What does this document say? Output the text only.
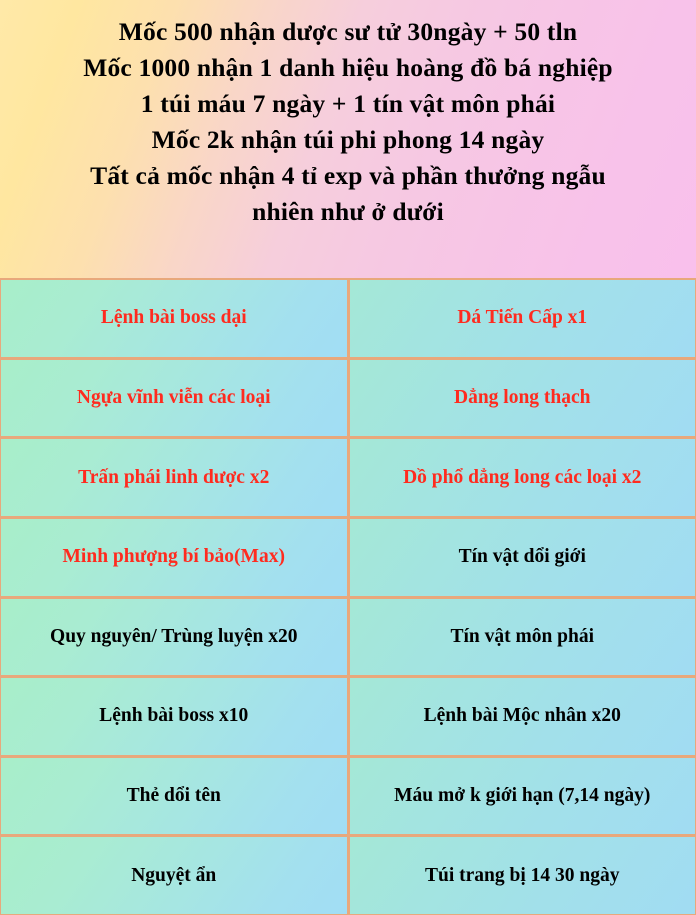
Mốc 500 nhận dược sư tử 30ngày + 50 tln
Mốc 1000 nhận 1 danh hiệu hoàng đồ bá nghiệp
1 túi máu 7 ngày + 1 tín vật môn phái
Mốc 2k nhận túi phi phong 14 ngày
Tất cả mốc nhận 4 tỉ exp và phần thưởng ngẫu
nhiên như ở dưới
Lệnh bài boss dại	Dá Tiến Cấp x1
Ngựa vĩnh viễn các loại	Dẳng long thạch
Trấn phái linh dược x2	Dồ phổ dẳng long các loại x2
Minh phượng bí bảo(Max)	Tín vật dổi giới
Quy nguyên/ Trùng luyện x20	Tín vật môn phái
Lệnh bài boss x10	Lệnh bài Mộc nhân x20
Thẻ dổi tên	Máu mở k giới hạn (7,14 ngày)
Nguyệt ẩn	Túi trang bị 14 30 ngày
